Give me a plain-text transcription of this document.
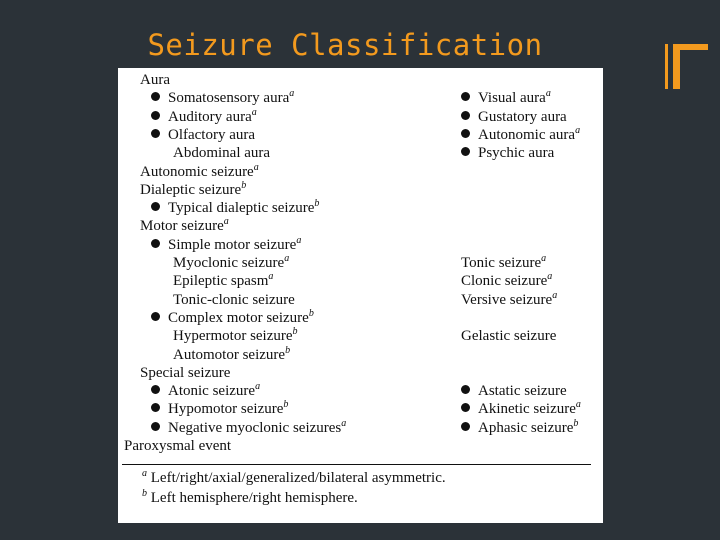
Seizure Classification
Aura
Somatosensory aura$^a$
Auditory aura$^a$
Olfactory aura
Abdominal aura
Autonomic seizure$^a$
Dialeptic seizure$^b$
Typical dialeptic seizure$^b$
Motor seizure$^a$
Simple motor seizure$^a$
Myoclonic seizure$^a$
Epileptic spasm$^a$
Tonic-clonic seizure
Complex motor seizure$^b$
Hypermotor seizure$^b$
Automotor seizure$^b$
Special seizure
Atonic seizure$^a$
Hypomotor seizure$^b$
Negative myoclonic seizures$^a$
Paroxysmal event
Visual aura$^a$
Gustatory aura
Autonomic aura$^a$
Psychic aura
Tonic seizure$^a$
Clonic seizure$^a$
Versive seizure$^a$
Gelastic seizure
Astatic seizure
Akinetic seizure$^a$
Aphasic seizure$^b$
$^a$ Left/right/axial/generalized/bilateral asymmetric.
$^b$ Left hemisphere/right hemisphere.
